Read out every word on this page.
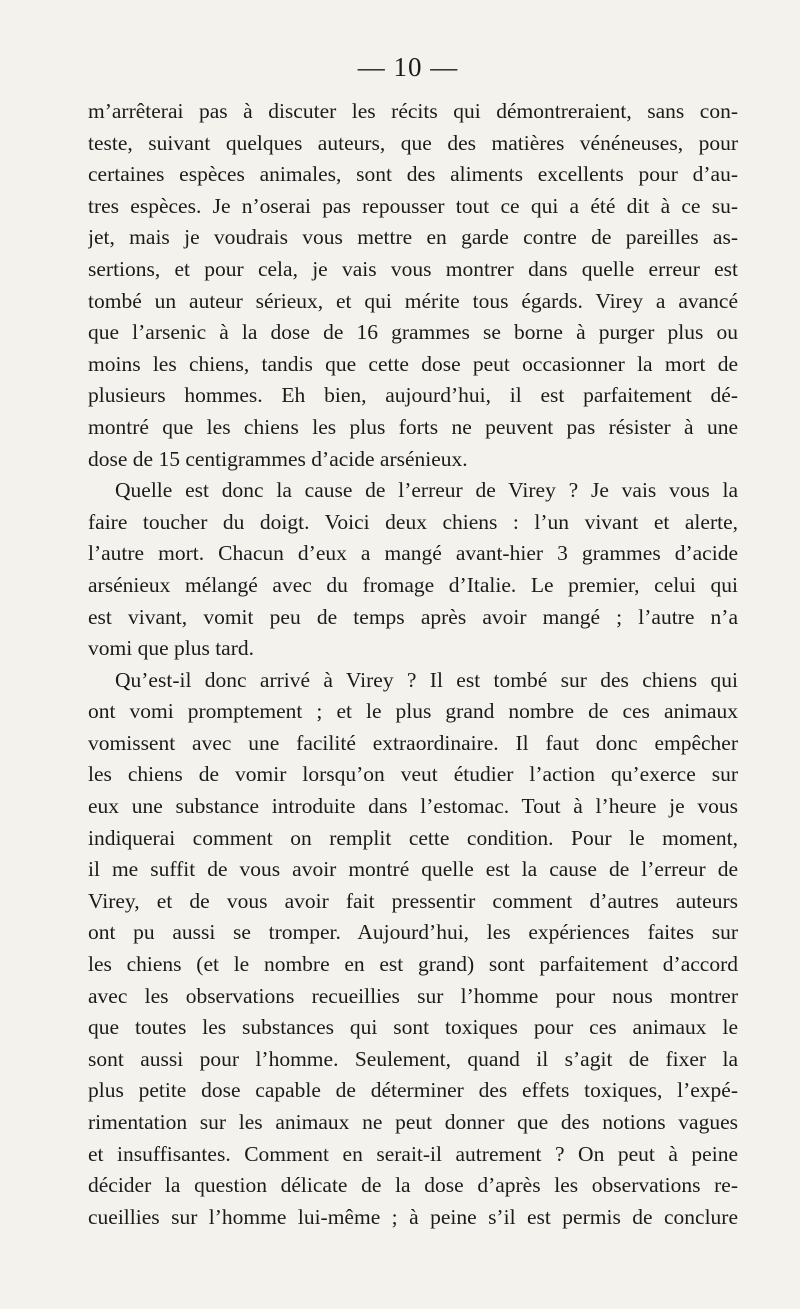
— 10 —
m’arrêterai pas à discuter les récits qui démontreraient, sans con-
teste, suivant quelques auteurs, que des matières vénéneuses, pour
certaines espèces animales, sont des aliments excellents pour d’au-
tres espèces. Je n’oserai pas repousser tout ce qui a été dit à ce su-
jet, mais je voudrais vous mettre en garde contre de pareilles as-
sertions, et pour cela, je vais vous montrer dans quelle erreur est
tombé un auteur sérieux, et qui mérite tous égards. Virey a avancé
que l’arsenic à la dose de 16 grammes se borne à purger plus ou
moins les chiens, tandis que cette dose peut occasionner la mort de
plusieurs hommes. Eh bien, aujourd’hui, il est parfaitement dé-
montré que les chiens les plus forts ne peuvent pas résister à une
dose de 15 centigrammes d’acide arsénieux.
Quelle est donc la cause de l’erreur de Virey ? Je vais vous la
faire toucher du doigt. Voici deux chiens : l’un vivant et alerte,
l’autre mort. Chacun d’eux a mangé avant-hier 3 grammes d’acide
arsénieux mélangé avec du fromage d’Italie. Le premier, celui qui
est vivant, vomit peu de temps après avoir mangé ; l’autre n’a
vomi que plus tard.
Qu’est-il donc arrivé à Virey ? Il est tombé sur des chiens qui
ont vomi promptement ; et le plus grand nombre de ces animaux
vomissent avec une facilité extraordinaire. Il faut donc empêcher
les chiens de vomir lorsqu’on veut étudier l’action qu’exerce sur
eux une substance introduite dans l’estomac. Tout à l’heure je vous
indiquerai comment on remplit cette condition. Pour le moment,
il me suffit de vous avoir montré quelle est la cause de l’erreur de
Virey, et de vous avoir fait pressentir comment d’autres auteurs
ont pu aussi se tromper. Aujourd’hui, les expériences faites sur
les chiens (et le nombre en est grand) sont parfaitement d’accord
avec les observations recueillies sur l’homme pour nous montrer
que toutes les substances qui sont toxiques pour ces animaux le
sont aussi pour l’homme. Seulement, quand il s’agit de fixer la
plus petite dose capable de déterminer des effets toxiques, l’expé-
rimentation sur les animaux ne peut donner que des notions vagues
et insuffisantes. Comment en serait-il autrement ? On peut à peine
décider la question délicate de la dose d’après les observations re-
cueillies sur l’homme lui-même ; à peine s’il est permis de conclure
